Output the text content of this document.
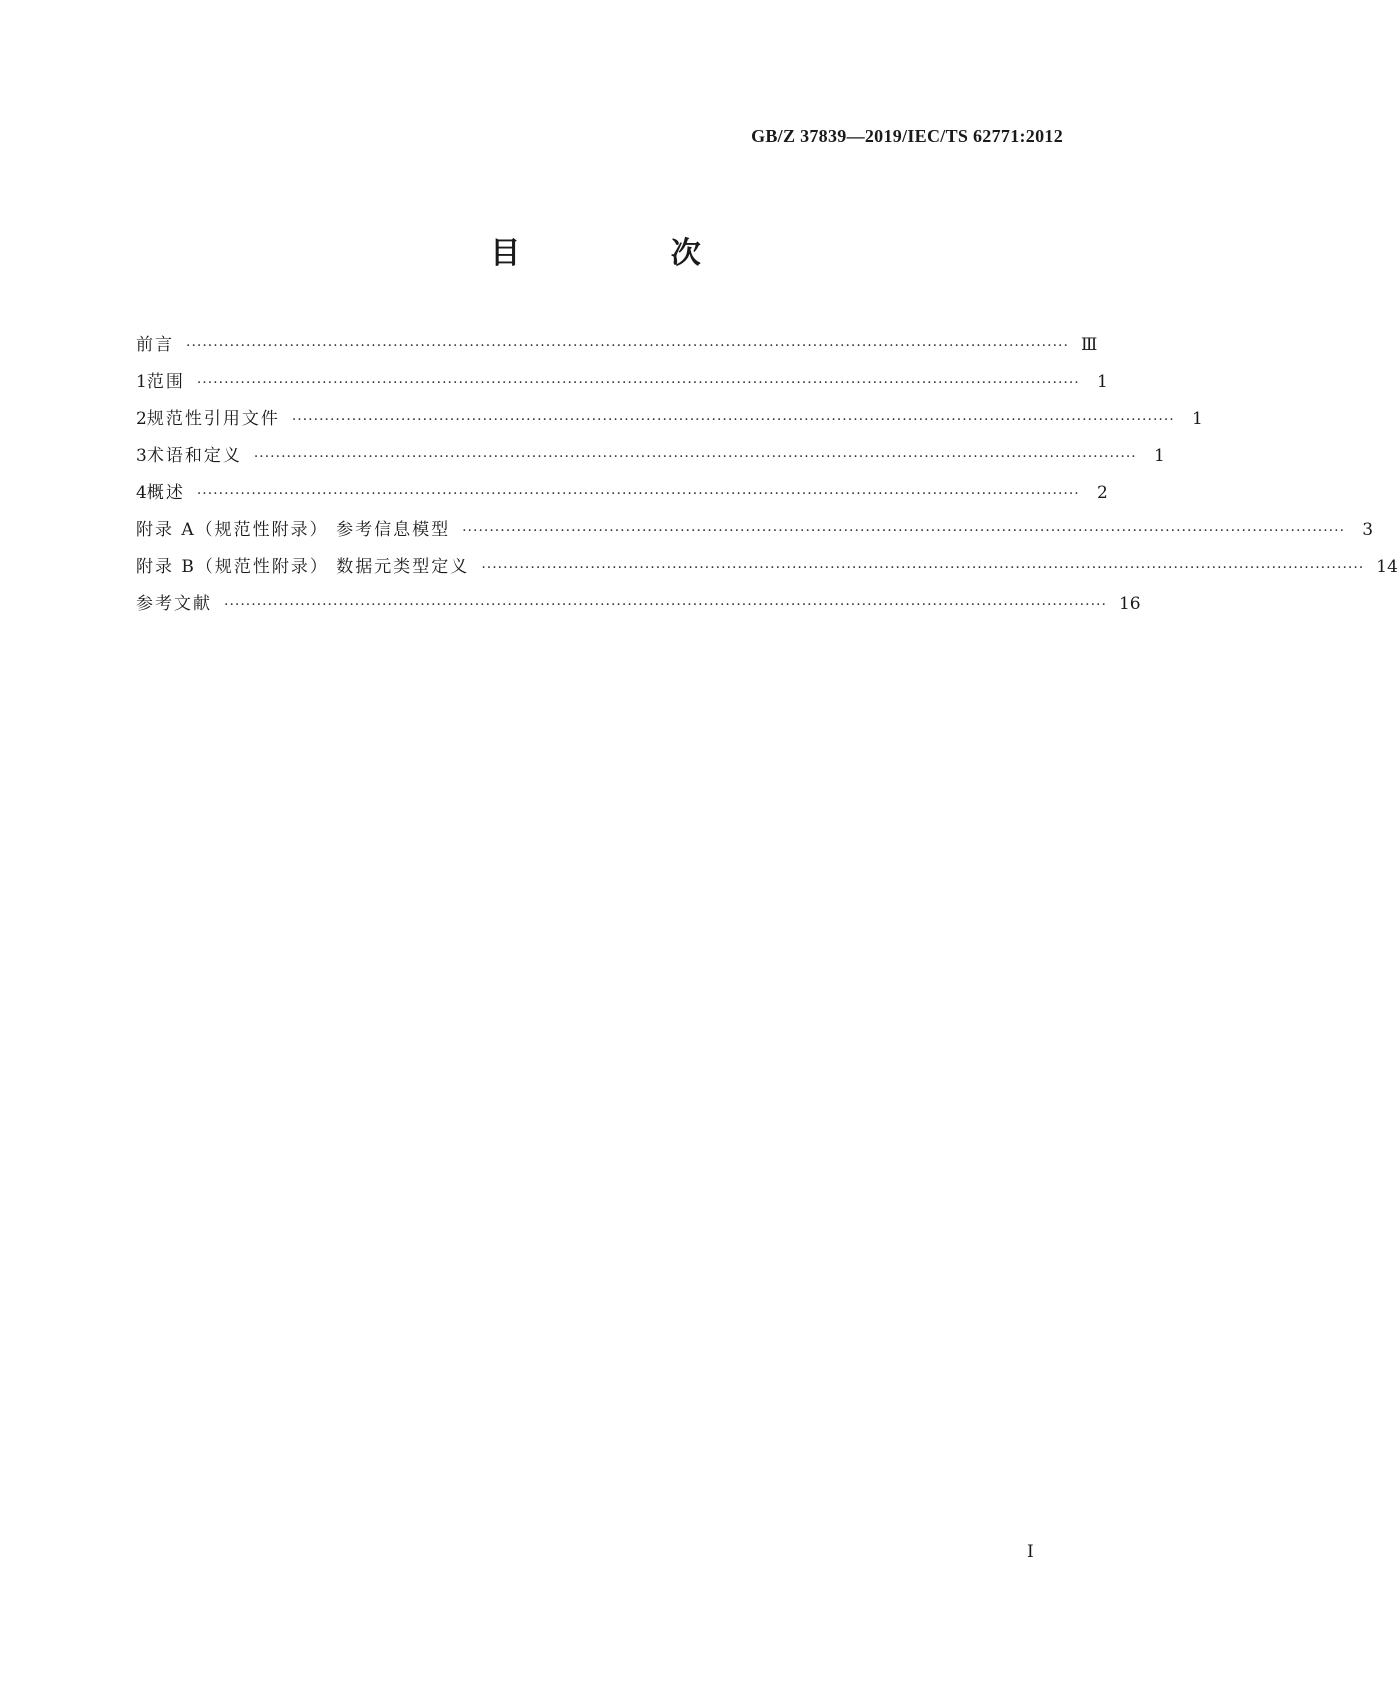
GB/Z 37839—2019/IEC/TS 62771:2012
目 次
前言 ·································································································································································· Ⅲ
1 范围 ··································································································································································	1
2 规范性引用文件 ··································································································································································	1
3 术语和定义 ··································································································································································	1
4 概述 ··································································································································································	2
附录 A（规范性附录） 参考信息模型 ··································································································································································	3
附录 B（规范性附录） 数据元类型定义 ·································································································································································· 14
参考文献 ·································································································································································· 16
I
